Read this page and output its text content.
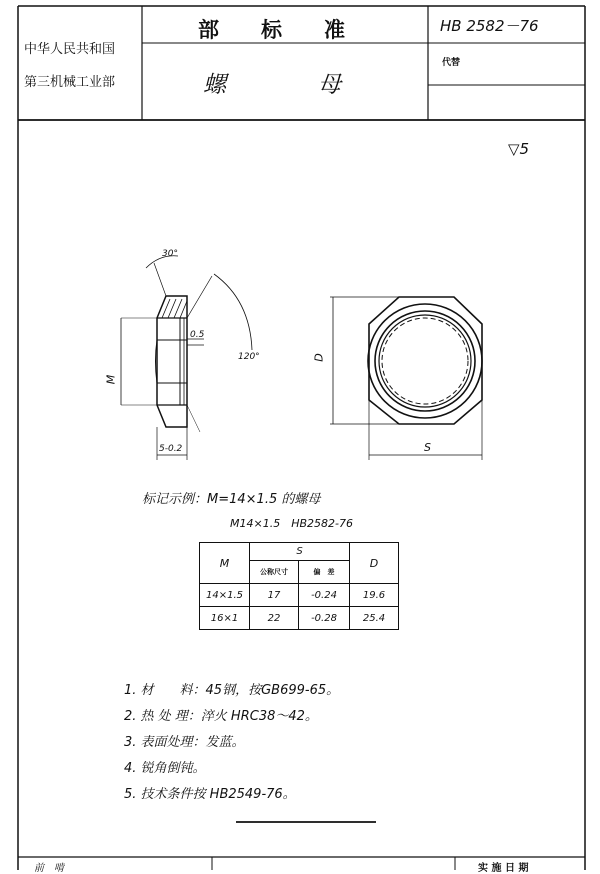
中华人民共和国
第三机械工业部
部　　标　　准
螺　　　　母
HB 2582－76
代替
▽5
30°
0.5
120°
M
5-0.2
D
S
标记示例：M=14×1.5 的螺母
M14×1.5　HB2582-76
M	S		D
	公称尺寸	偏　差	
14×1.5	17	-0.24	19.6
16×1	22	-0.28	25.4
1. 材　　料：45钢，按GB699-65。
2. 热 处 理：淬火 HRC38～42。
3. 表面处理：发蓝。
4. 锐角倒钝。
5. 技术条件按 HB2549-76。
前　啃	实 施 日 期
